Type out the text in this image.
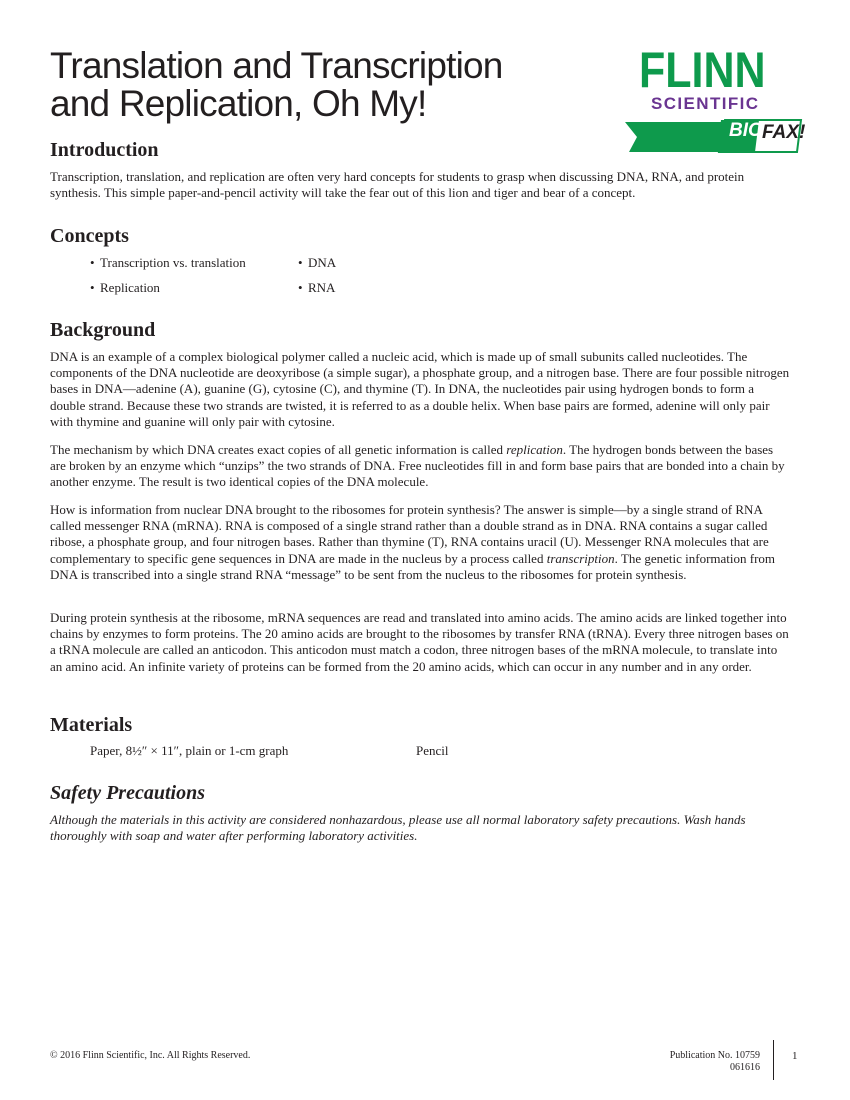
Translation and Transcription
and Replication, Oh My!
FLINN
SCIENTIFIC
BIO FAX!
Introduction

Transcription, translation, and replication are often very hard concepts for students to grasp when discussing DNA, RNA, and protein synthesis. This simple paper-and-pencil activity will take the fear out of this lion and tiger and bear of a concept.

Concepts
• Transcription vs. translation
• Replication
• DNA
• RNA
Background

DNA is an example of a complex biological polymer called a nucleic acid, which is made up of small subunits called nucleotides. The components of the DNA nucleotide are deoxyribose (a simple sugar), a phosphate group, and a nitrogen base. There are four possible nitrogen bases in DNA—adenine (A), guanine (G), cytosine (C), and thymine (T). In DNA, the nucleotides pair using hydrogen bonds to form a double strand. Because these two strands are twisted, it is referred to as a double helix. When base pairs are formed, adenine will only pair with thymine and guanine will only pair with cytosine.

The mechanism by which DNA creates exact copies of all genetic information is called replication. The hydrogen bonds between the bases are broken by an enzyme which “unzips” the two strands of DNA. Free nucleotides fill in and form base pairs that are bonded into a chain by another enzyme. The result is two identical copies of the DNA molecule.

How is information from nuclear DNA brought to the ribosomes for protein synthesis? The answer is simple—by a single strand of RNA called messenger RNA (mRNA). RNA is composed of a single strand rather than a double strand as in DNA. RNA contains a sugar called ribose, a phosphate group, and four nitrogen bases. Rather than thymine (T), RNA contains uracil (U). Messenger RNA molecules that are complementary to specific gene sequences in DNA are made in the nucleus by a process called transcription. The genetic information from DNA is transcribed into a single strand RNA “message” to be sent from the nucleus to the ribosomes for protein synthesis.

During protein synthesis at the ribosome, mRNA sequences are read and translated into amino acids. The amino acids are linked together into chains by enzymes to form proteins. The 20 amino acids are brought to the ribosomes by transfer RNA (tRNA). Every three nitrogen bases on a tRNA molecule are called an anticodon. This anticodon must match a codon, three nitrogen bases of the mRNA molecule, to translate into an amino acid. An infinite variety of proteins can be formed from the 20 amino acids, which can occur in any number and in any order.

Materials
Paper, 8½″ × 11″, plain or 1-cm graph	Pencil
Safety Precautions

Although the materials in this activity are considered nonhazardous, please use all normal laboratory safety precautions. Wash hands thoroughly with soap and water after performing laboratory activities.

© 2016 Flinn Scientific, Inc. All Rights Reserved.	Publication No. 10759
061616
1
